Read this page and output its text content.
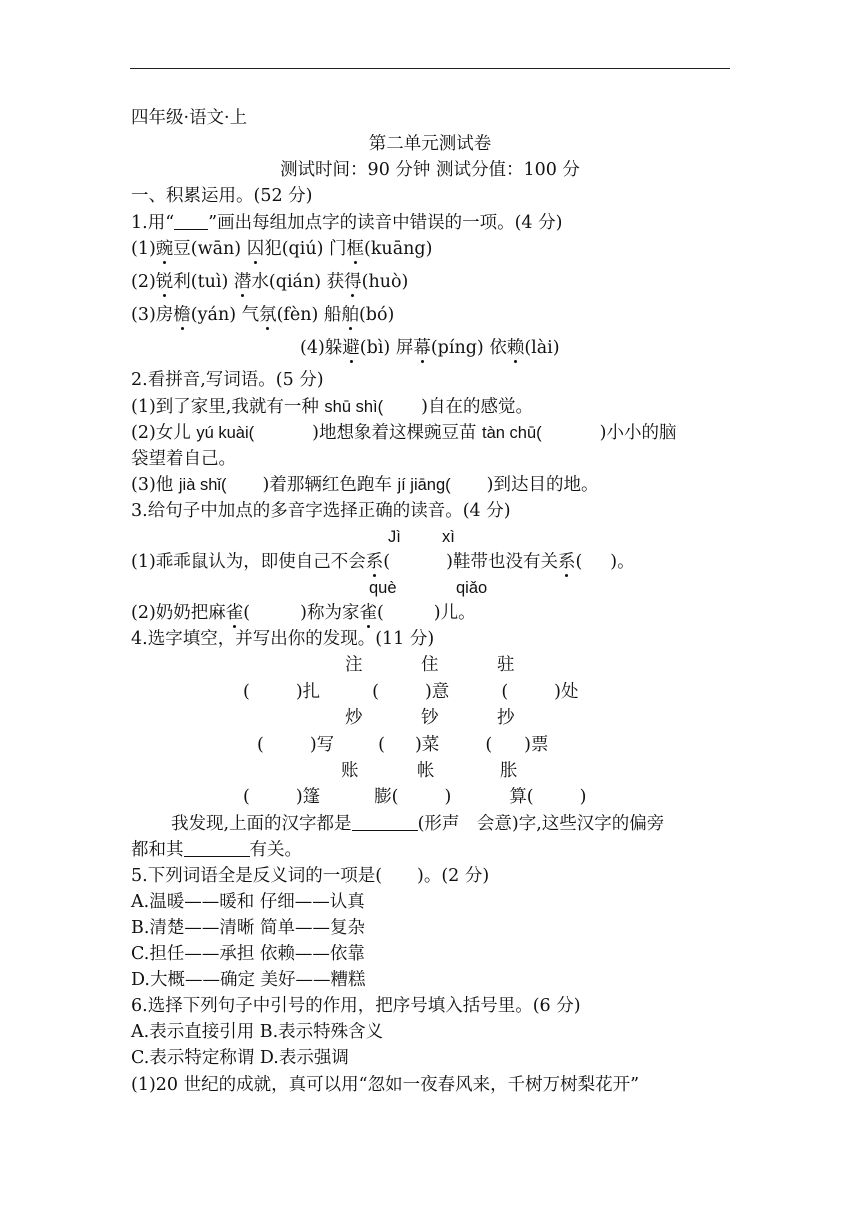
四年级·语文·上
第二单元测试卷
测试时间：90 分钟 测试分值：100 分
一、积累运用。(52 分)
1.用“ ”画出每组加点字的读音中错误的一项。(4 分)
(1)豌豆(wān) 囚犯(qiú) 门框(kuāng)
(2)锐利(tuì) 潜水(qián) 获得(huò)
(3)房檐(yán) 气氛(fèn) 船舶(bó)
(4)躲避(bì) 屏幕(píng) 依赖(lài)
2.看拼音,写词语。(5 分)
(1)到了家里,我就有一种 shū shì( )自在的感觉。
(2)女儿 yú kuài(	)地想象着这棵豌豆苗 tàn chū(	)小小的脑
袋望着自己。
(3)他 jià shǐ( )着那辆红色跑车 jí jiāng( )到达目的地。
3.给句子中加点的多音字选择正确的读音。(4 分)
Jì xì
(1)乖乖鼠认为，即使自己不会系(	)鞋带也没有关系( )。
què	qiǎo
(2)奶奶把麻雀(	)称为家雀(	)儿。
4.选字填空，并写出你的发现。(11 分)
注	住	驻
(	)扎	(	)意	(	)处
炒	钞	抄
(	)写	( )菜	( )票
账	帐	胀
(	)篷	膨(	)	算(	)
我发现,上面的汉字都是	(形声　会意)字,这些汉字的偏旁
都和其	有关。
5.下列词语全是反义词的一项是(　　)。(2 分)
A.温暖——暖和 仔细——认真
B.清楚——清晰 简单——复杂
C.担任——承担 依赖——依靠
D.大概——确定 美好——糟糕
6.选择下列句子中引号的作用，把序号填入括号里。(6 分)
A.表示直接引用 B.表示特殊含义
C.表示特定称谓 D.表示强调
(1)20 世纪的成就，真可以用“忽如一夜春风来，千树万树梨花开”
